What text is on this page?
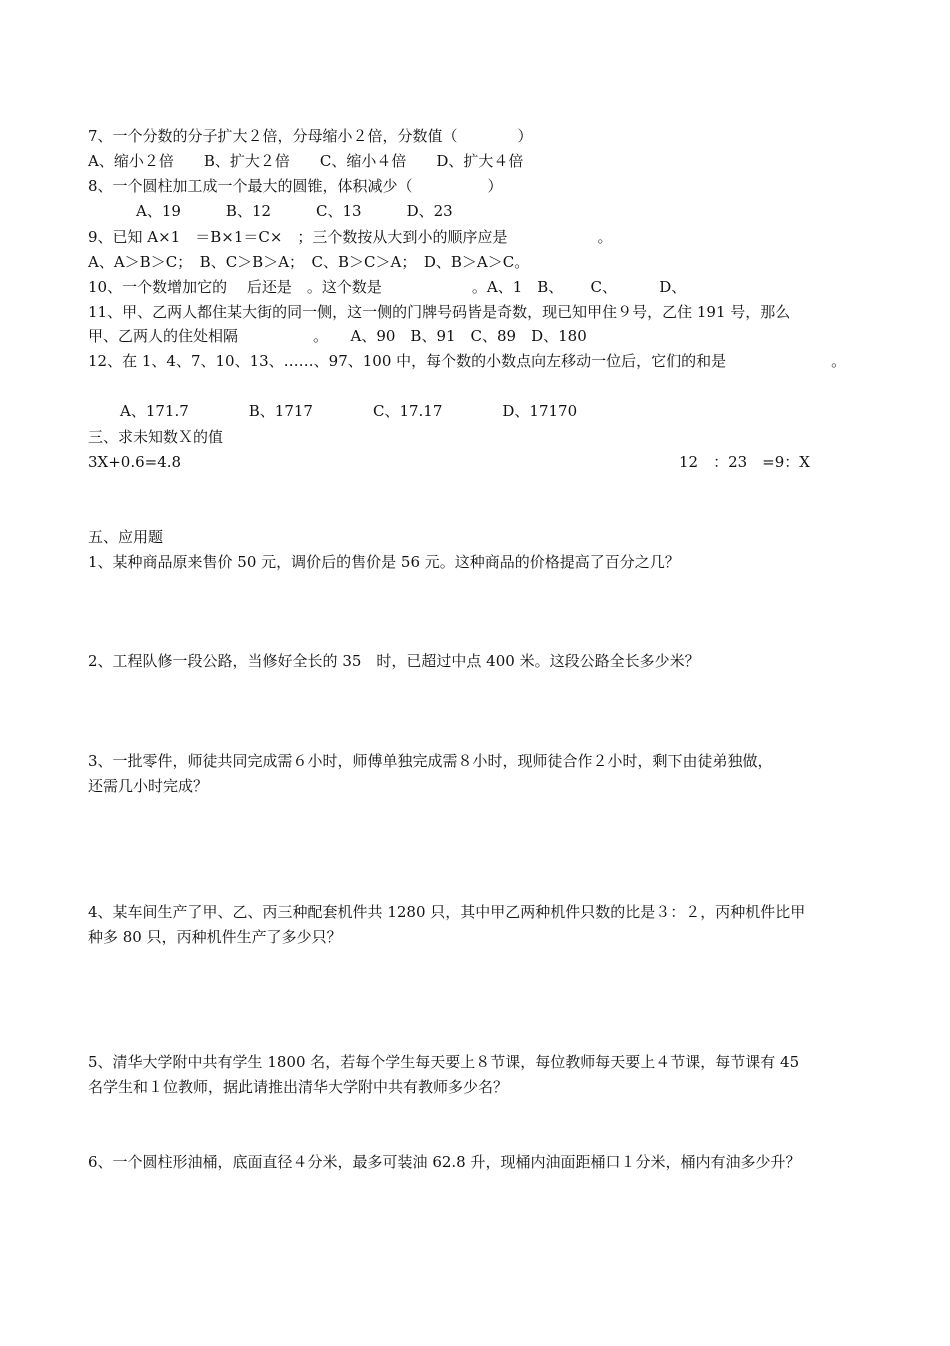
7、一个分数的分子扩大２倍，分母缩小２倍，分数值（　　　　）
A、缩小２倍　　B、扩大２倍　　C、缩小４倍　　D、扩大４倍
8、一个圆柱加工成一个最大的圆锥，体积减少（　　　　　）
A、19　　　B、12　　　C、13　　　D、23
9、已知 A×1　＝B×1＝C×　；三个数按从大到小的顺序应是　　　　　　。
A、A＞B＞C；　B、C＞B＞A；　C、B＞C＞A；　D、B＞A＞C。
10、一个数增加它的　 后还是　。这个数是　　　　　　。A、1　B、　　 C、　　　 D、
11、甲、乙两人都住某大街的同一侧，这一侧的门牌号码皆是奇数，现已知甲住９号，乙住 191 号，那么
甲、乙两人的住处相隔　　　　　。　　A、90　B、91　C、89　D、180
12、在 1、4、7、10、13、……、97、100 中，每个数的小数点向左移动一位后，它们的和是　　　　　　　。
A、171.7　　　　B、1717　　　　C、17.17　　　　D、17170
三、求未知数Ｘ的值
3X+0.6=4.8	12　：23　=9：X
五、应用题
1、某种商品原来售价 50 元，调价后的售价是 56 元。这种商品的价格提高了百分之几？
2、工程队修一段公路，当修好全长的 35　时，已超过中点 400 米。这段公路全长多少米？
3、一批零件，师徒共同完成需６小时，师傅单独完成需８小时，现师徒合作２小时，剩下由徒弟独做，
还需几小时完成？
4、某车间生产了甲、乙、丙三种配套机件共 1280 只，其中甲乙两种机件只数的比是３：２，丙种机件比甲
种多 80 只，丙种机件生产了多少只？
5、清华大学附中共有学生 1800 名，若每个学生每天要上８节课，每位教师每天要上４节课，每节课有 45
名学生和１位教师，据此请推出清华大学附中共有教师多少名？
6、一个圆柱形油桶，底面直径４分米，最多可装油 62.8 升，现桶内油面距桶口１分米，桶内有油多少升？
